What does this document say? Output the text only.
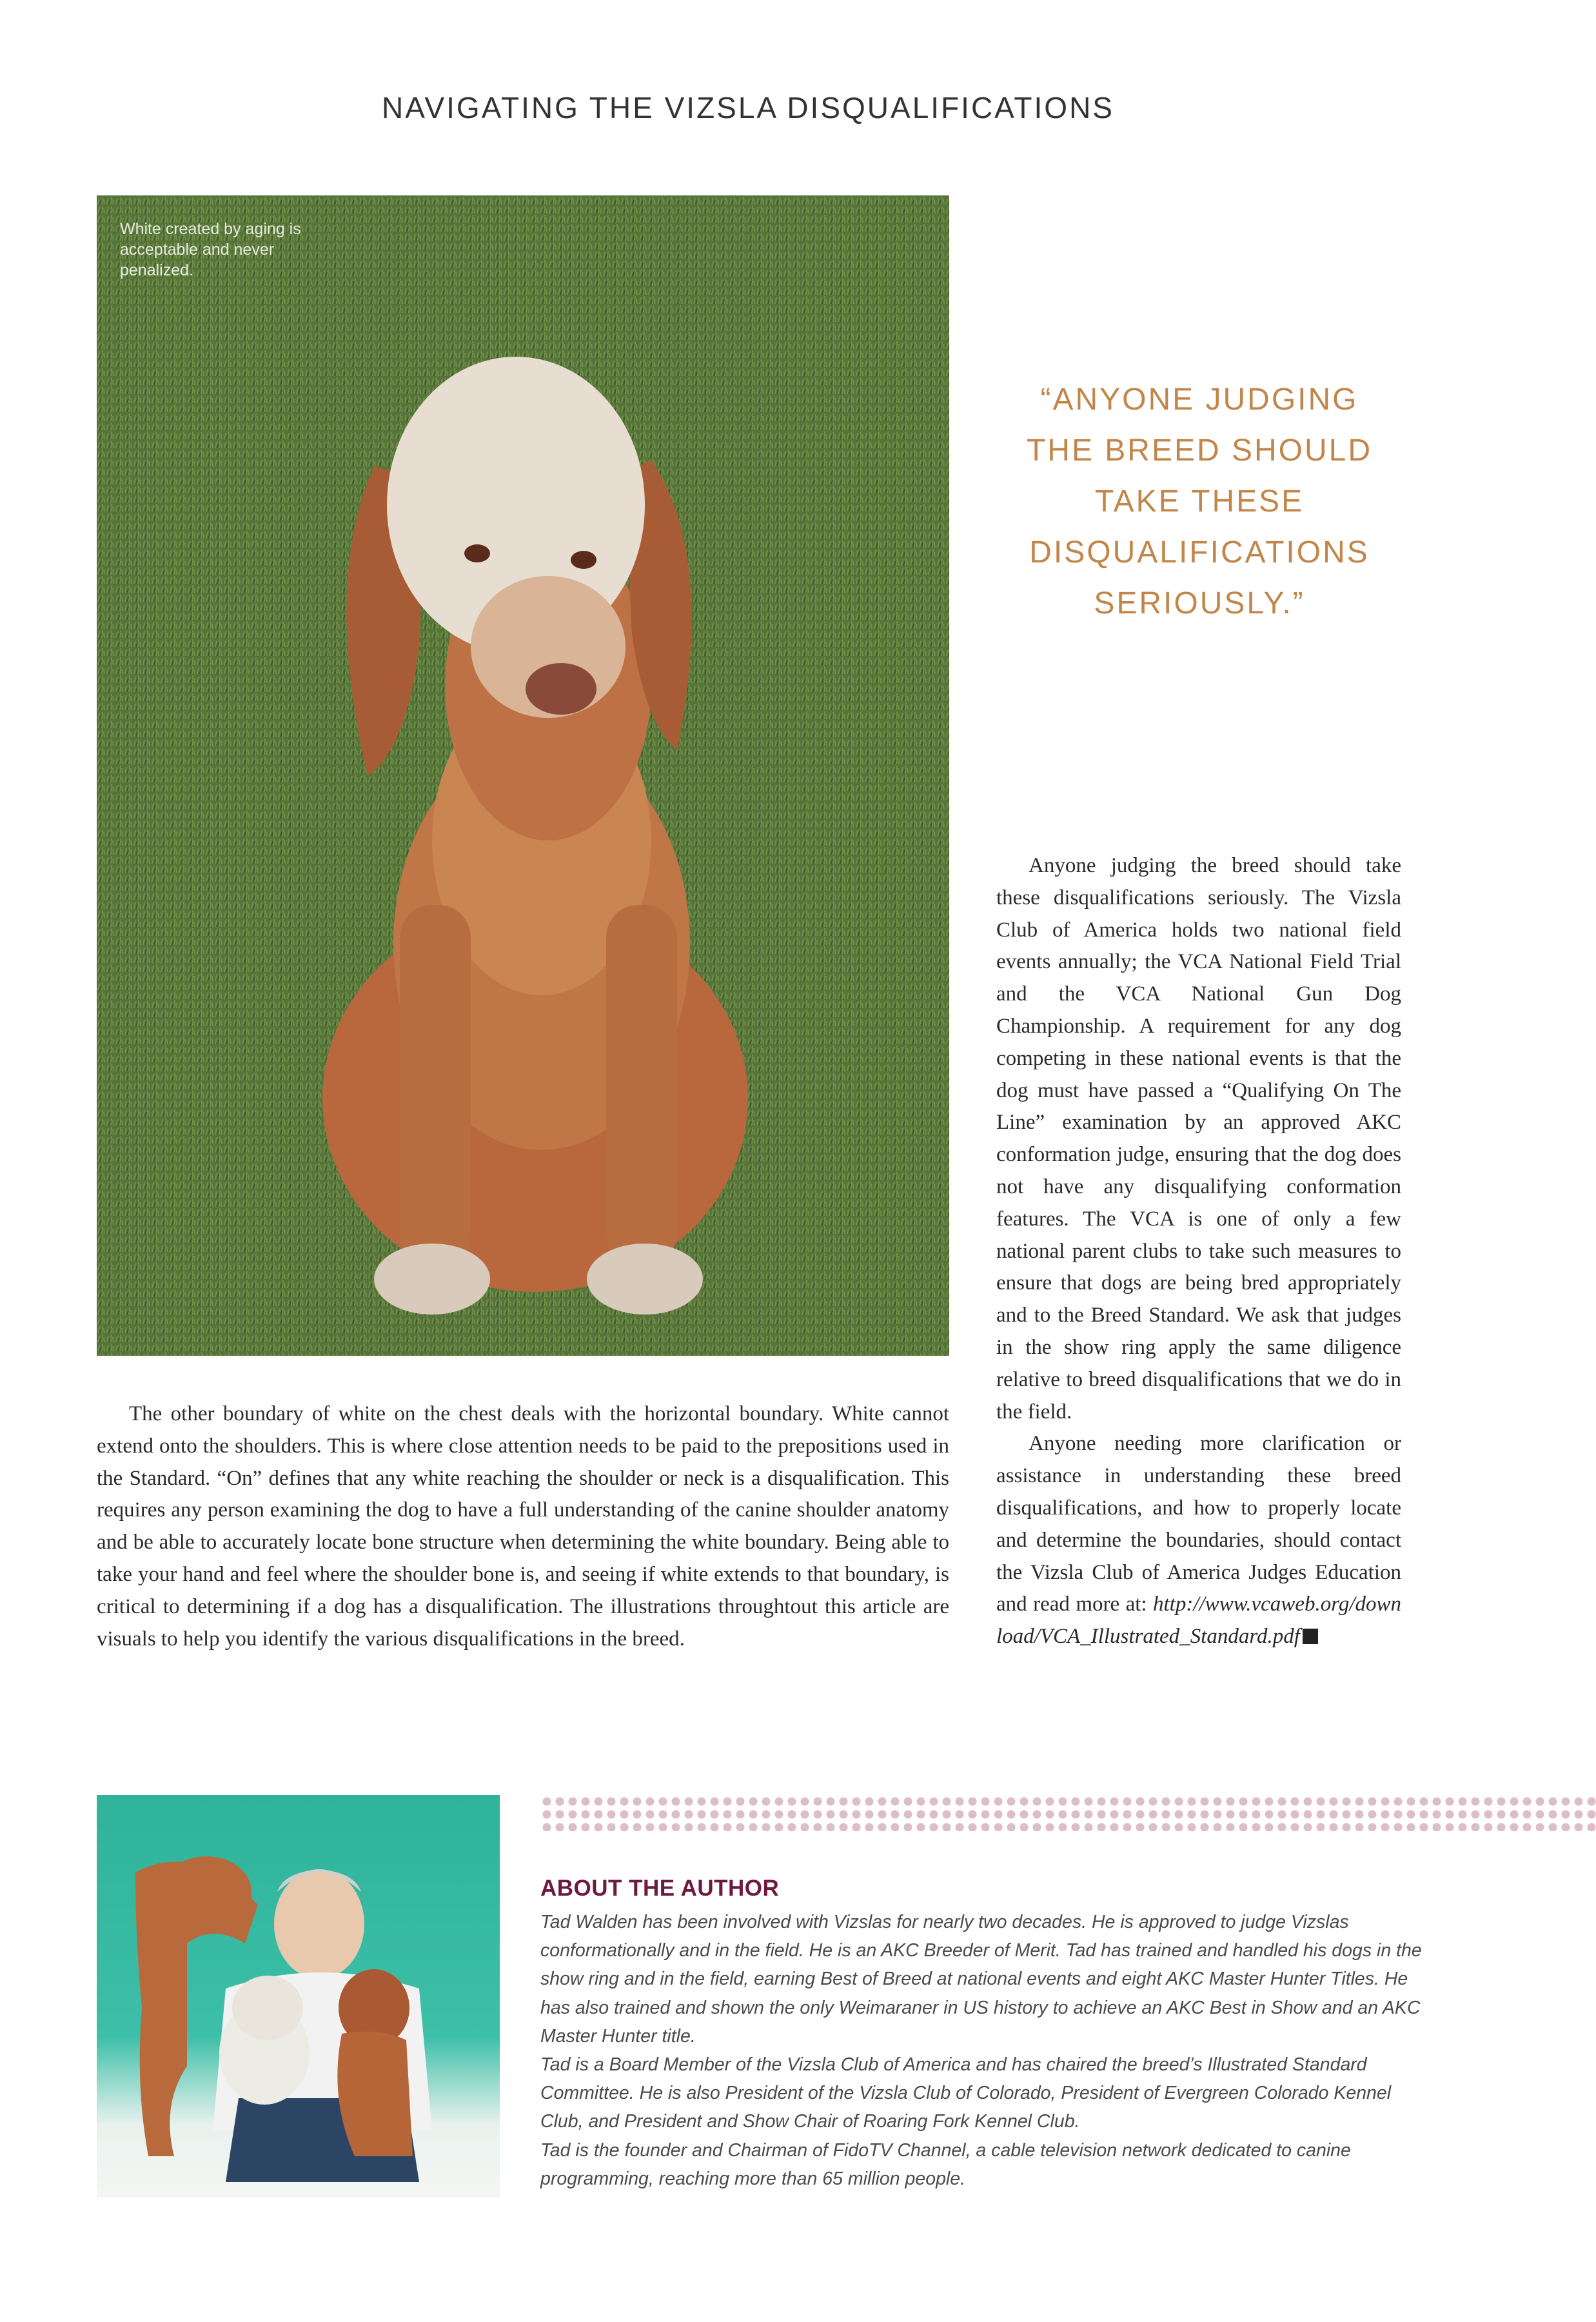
NAVIGATING THE VIZSLA DISQUALIFICATIONS
White created by aging is acceptable and never penalized.
“ANYONE JUDGING THE BREED SHOULD TAKE THESE DISQUALIFICATIONS SERIOUSLY.”

The other boundary of white on the chest deals with the horizontal boundary. White cannot extend onto the shoulders. This is where close attention needs to be paid to the prepositions used in the Standard. “On” defines that any white reaching the shoulder or neck is a disqualification. This requires any person examining the dog to have a full understanding of the canine shoulder anatomy and be able to accurately locate bone structure when determining the white boundary. Being able to take your hand and feel where the shoulder bone is, and seeing if white extends to that boundary, is critical to determining if a dog has a disqualification. The illustrations throughtout this article are visuals to help you identify the various disqualifications in the breed.

Anyone judging the breed should take these disqualifications seriously. The Vizsla Club of America holds two national field events annually; the VCA National Field Trial and the VCA National Gun Dog Championship. A requirement for any dog competing in these national events is that the dog must have passed a “Qualifying On The Line” examination by an approved AKC conformation judge, ensuring that the dog does not have any disqualifying conformation features. The VCA is one of only a few national parent clubs to take such measures to ensure that dogs are being bred appropriately and to the Breed Standard. We ask that judges in the show ring apply the same diligence relative to breed disqualifications that we do in the field.

Anyone needing more clarification or assistance in understanding these breed disqualifications, and how to properly locate and determine the boundaries, should contact the Vizsla Club of America Judges Education and read more at: http://www.vcaweb.org/download/VCA_Illustrated_Standard.pdf

ABOUT THE AUTHOR

Tad Walden has been involved with Vizslas for nearly two decades. He is approved to judge Vizslas conformationally and in the field. He is an AKC Breeder of Merit. Tad has trained and handled his dogs in the show ring and in the field, earning Best of Breed at national events and eight AKC Master Hunter Titles. He has also trained and shown the only Weimaraner in US history to achieve an AKC Best in Show and an AKC Master Hunter title.

Tad is a Board Member of the Vizsla Club of America and has chaired the breed’s Illustrated Standard Committee. He is also President of the Vizsla Club of Colorado, President of Evergreen Colorado Kennel Club, and President and Show Chair of Roaring Fork Kennel Club.

Tad is the founder and Chairman of FidoTV Channel, a cable television network dedicated to canine programming, reaching more than 65 million people.
